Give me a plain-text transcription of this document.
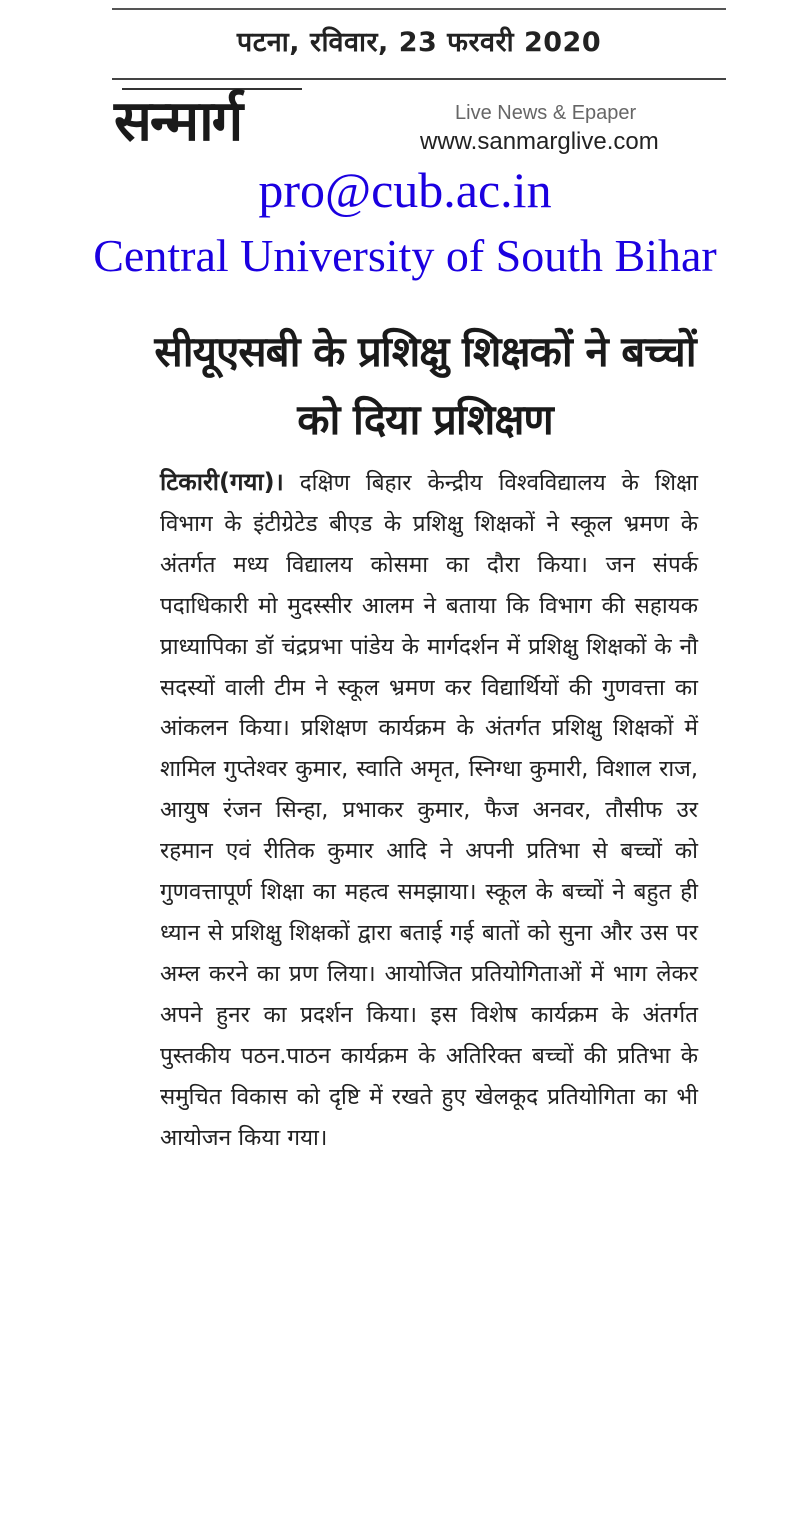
पटना, रविवार, 23 फरवरी 2020
सन्मार्ग	Live News & Epaper
www.sanmarglive.com
pro@cub.ac.in
Central University of South Bihar
सीयूएसबी के प्रशिक्षु शिक्षकों ने बच्चों को दिया प्रशिक्षण
टिकारी(गया)। दक्षिण बिहार केन्द्रीय विश्वविद्यालय के शिक्षा विभाग के इंटीग्रेटेड बीएड के प्रशिक्षु शिक्षकों ने स्कूल भ्रमण के अंतर्गत मध्य विद्यालय कोसमा का दौरा किया। जन संपर्क पदाधिकारी मो मुदस्सीर आलम ने बताया कि विभाग की सहायक प्राध्यापिका डॉ चंद्रप्रभा पांडेय के मार्गदर्शन में प्रशिक्षु शिक्षकों के नौ सदस्यों वाली टीम ने स्कूल भ्रमण कर विद्यार्थियों की गुणवत्ता का आंकलन किया। प्रशिक्षण कार्यक्रम के अंतर्गत प्रशिक्षु शिक्षकों में शामिल गुप्तेश्वर कुमार, स्वाति अमृत, स्निग्धा कुमारी, विशाल राज, आयुष रंजन सिन्हा, प्रभाकर कुमार, फैज अनवर, तौसीफ उर रहमान एवं रीतिक कुमार आदि ने अपनी प्रतिभा से बच्चों को गुणवत्तापूर्ण शिक्षा का महत्व समझाया। स्कूल के बच्चों ने बहुत ही ध्यान से प्रशिक्षु शिक्षकों द्वारा बताई गई बातों को सुना और उस पर अम्ल करने का प्रण लिया। आयोजित प्रतियोगिताओं में भाग लेकर अपने हुनर का प्रदर्शन किया। इस विशेष कार्यक्रम के अंतर्गत पुस्तकीय पठन.पाठन कार्यक्रम के अतिरिक्त बच्चों की प्रतिभा के समुचित विकास को दृष्टि में रखते हुए खेलकूद प्रतियोगिता का भी आयोजन किया गया।
